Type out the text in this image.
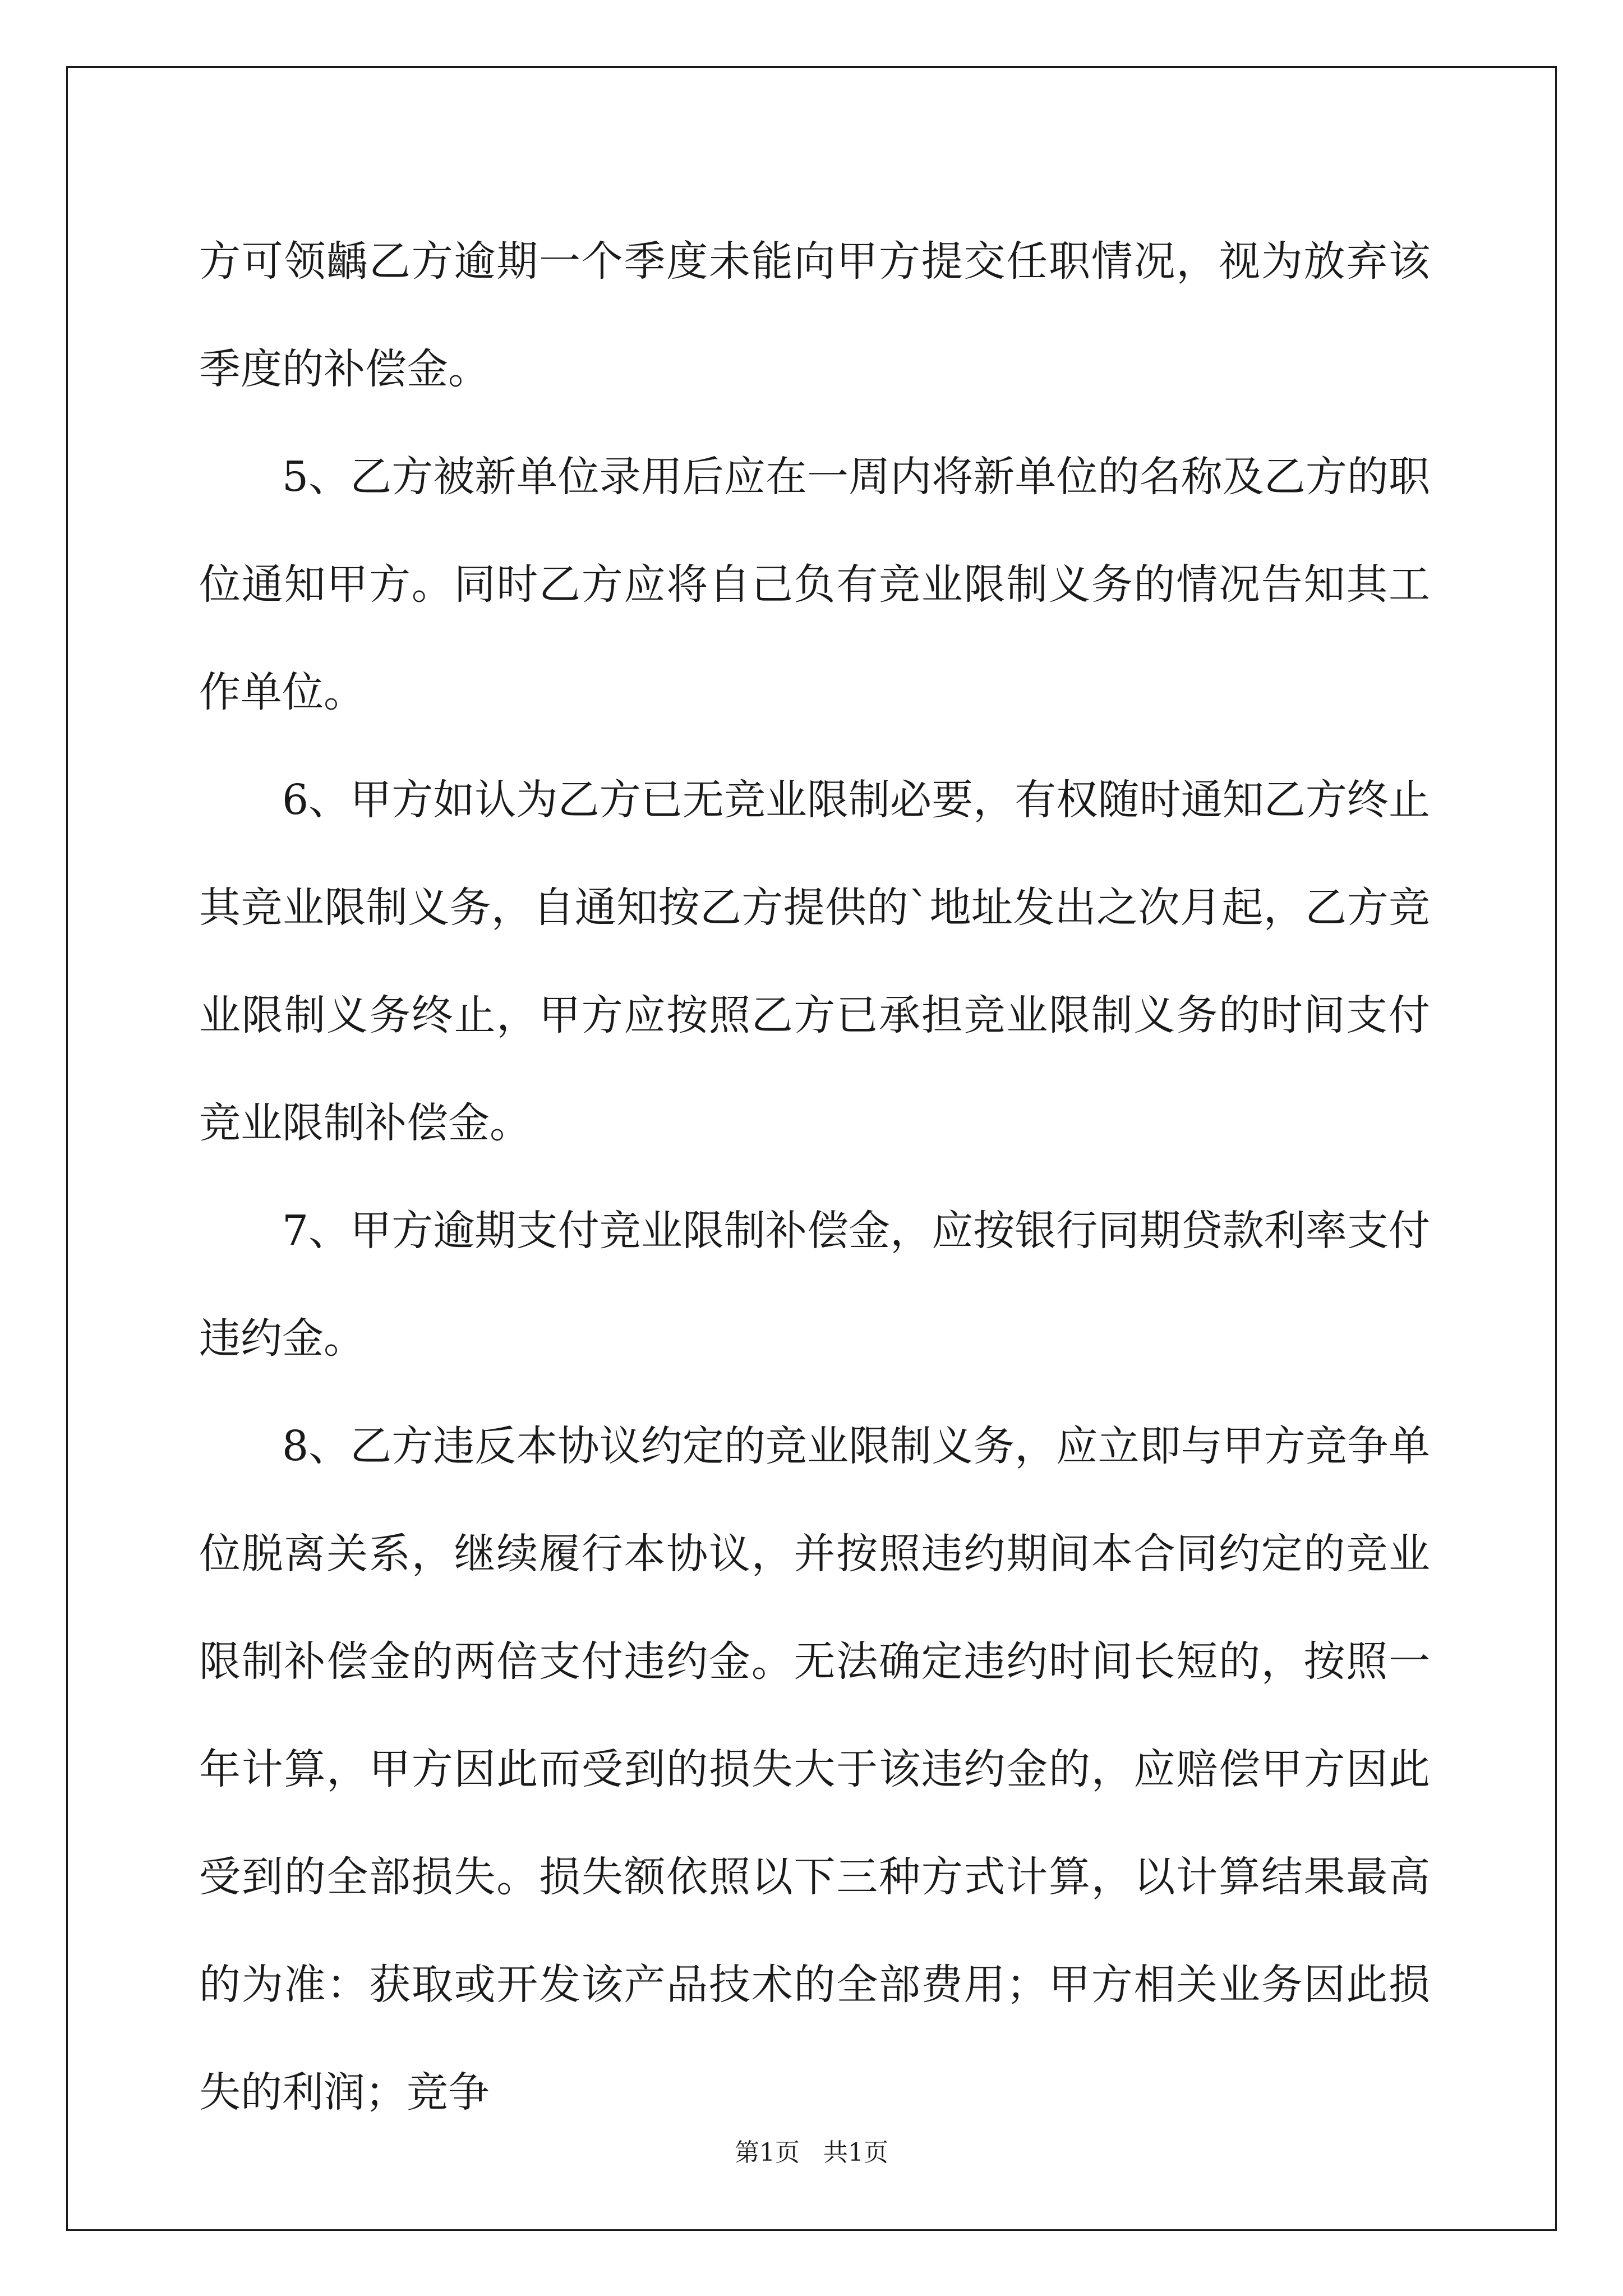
方可领齲乙方逾期一个季度未能向甲方提交任职情况，视为放弃该季度的补偿金。

5、乙方被新单位录用后应在一周内将新单位的名称及乙方的职位通知甲方。同时乙方应将自己负有竞业限制义务的情况告知其工作单位。

6、甲方如认为乙方已无竞业限制必要，有权随时通知乙方终止其竞业限制义务，自通知按乙方提供的`地址发出之次月起，乙方竞业限制义务终止，甲方应按照乙方已承担竞业限制义务的时间支付竞业限制补偿金。

7、甲方逾期支付竞业限制补偿金，应按银行同期贷款利率支付违约金。

8、乙方违反本协议约定的竞业限制义务，应立即与甲方竞争单位脱离关系，继续履行本协议，并按照违约期间本合同约定的竞业限制补偿金的两倍支付违约金。无法确定违约时间长短的，按照一年计算，甲方因此而受到的损失大于该违约金的，应赔偿甲方因此受到的全部损失。损失额依照以下三种方式计算，以计算结果最高的为准：获取或开发该产品技术的全部费用；甲方相关业务因此损失的利润；竞争

第1页   共1页
